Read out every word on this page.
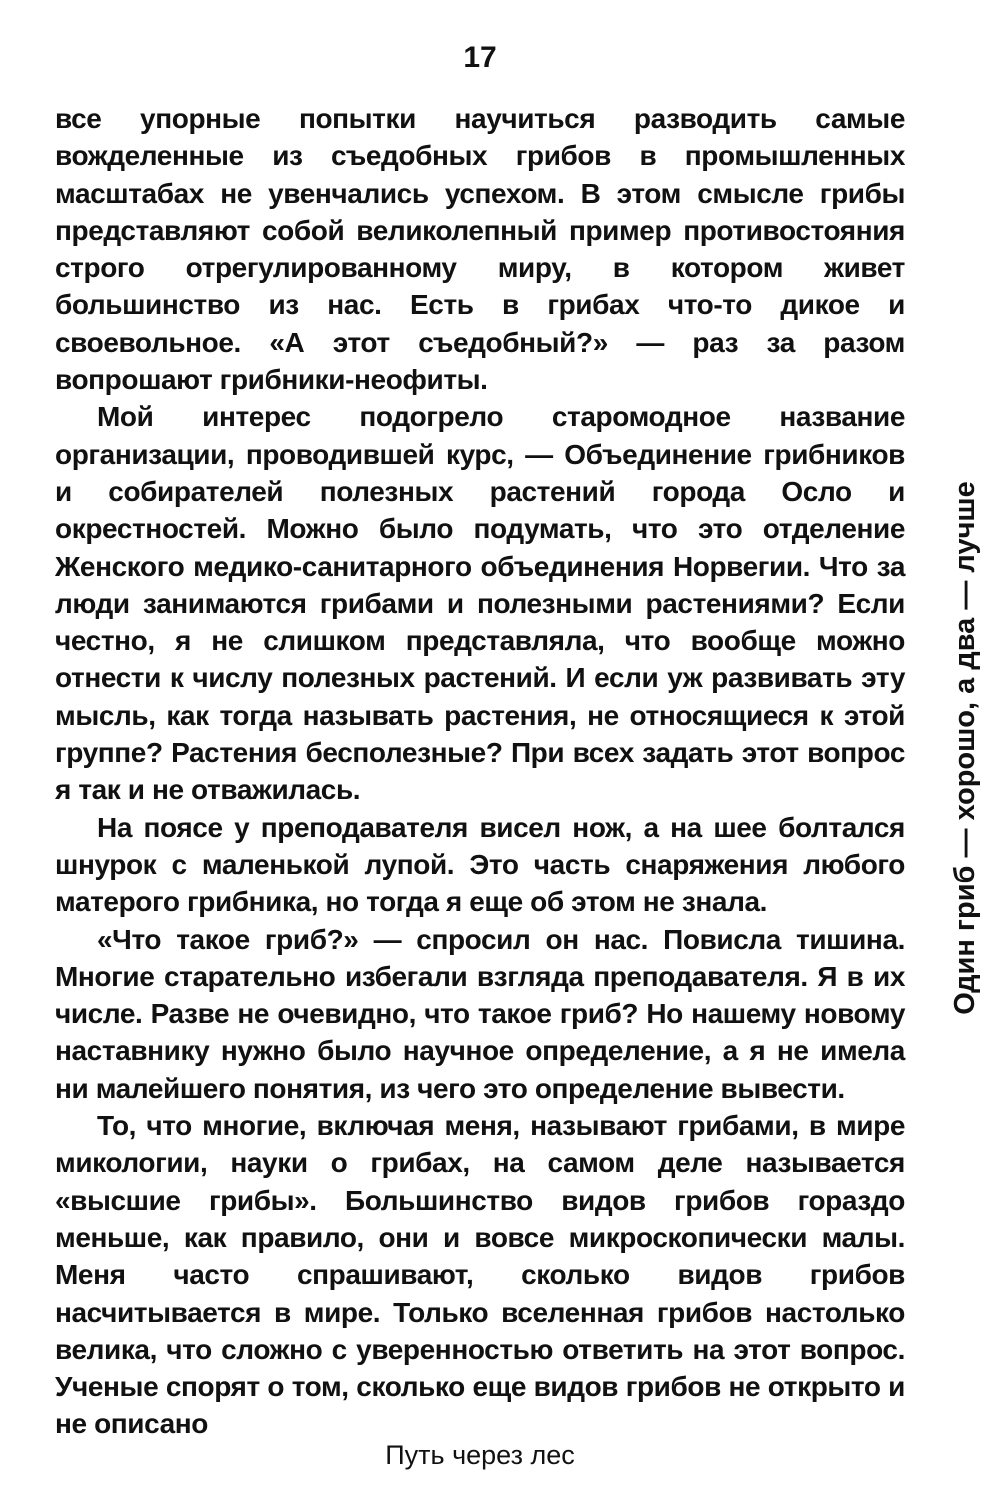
17

все упорные попытки научиться разводить самые вожделенные из съедобных грибов в промышленных масштабах не увенчались успехом. В этом смысле грибы представляют собой великолепный пример противостояния строго отрегулированному миру, в котором живет большинство из нас. Есть в грибах что-то дикое и своевольное. «А этот съедобный?» — раз за разом вопрошают грибники-неофиты.

Мой интерес подогрело старомодное название организации, проводившей курс, — Объединение грибников и собирателей полезных растений города Осло и окрестностей. Можно было подумать, что это отделение Женского медико-санитарного объединения Норвегии. Что за люди занимаются грибами и полезными растениями? Если честно, я не слишком представляла, что вообще можно отнести к числу полезных растений. И если уж развивать эту мысль, как тогда называть растения, не относящиеся к этой группе? Растения бесполезные? При всех задать этот вопрос я так и не отважилась.

На поясе у преподавателя висел нож, а на шее болтался шнурок с маленькой лупой. Это часть снаряжения любого матерого грибника, но тогда я еще об этом не знала.

«Что такое гриб?» — спросил он нас. Повисла тишина. Многие старательно избегали взгляда преподавателя. Я в их числе. Разве не очевидно, что такое гриб? Но нашему новому наставнику нужно было научное определение, а я не имела ни малейшего понятия, из чего это определение вывести.

То, что многие, включая меня, называют грибами, в мире микологии, науки о грибах, на самом деле называется «высшие грибы». Большинство видов грибов гораздо меньше, как правило, они и вовсе микроскопически малы. Меня часто спрашивают, сколько видов грибов насчитывается в мире. Только вселенная грибов настолько велика, что сложно с уверенностью ответить на этот вопрос. Ученые спорят о том, сколько еще видов грибов не открыто и не описано

Один гриб — хорошо, а два — лучше
Путь через лес
